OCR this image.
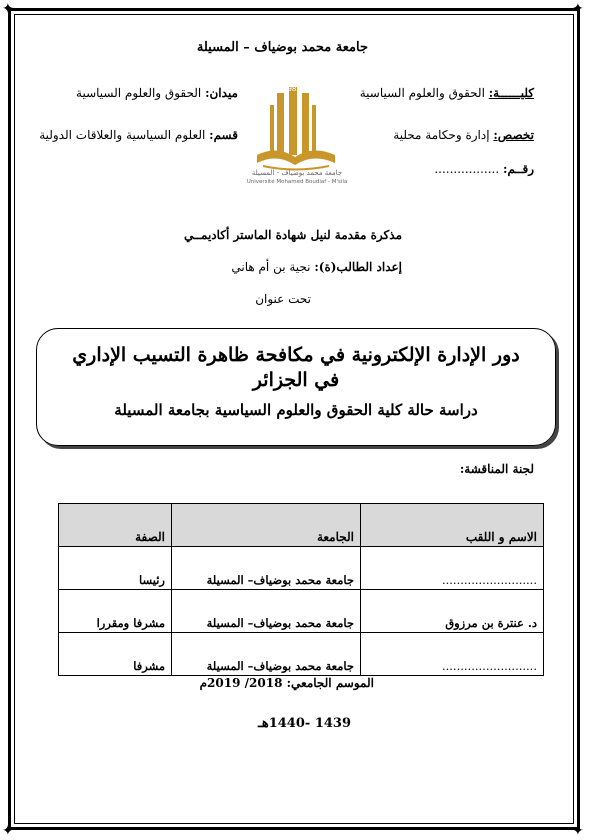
✦
✦
✦
✦
جامعة محمد بوضياف – المسيلة
كليــــــة: الحقوق والعلوم السياسية
ميدان: الحقوق والعلوم السياسية
تخصص: إدارة وحكامة محلية
قسم: العلوم السياسية والعلاقات الدولية
رقــم: .................
1985
جامعة محمد بوضياف - المسيلة
Université Mohamed Boudiaf - M'sila
مذكرة مقدمة لنيل شهادة الماستر أكاديمــي
إعداد الطالب(ة): نجية بن أم هاني
تحت عنوان
دور الإدارة الإلكترونية في مكافحة ظاهرة التسيب الإداري
في الجزائر
دراسة حالة كلية الحقوق والعلوم السياسية بجامعة المسيلة
لجنة المناقشة:
الاسم و اللقب	الجامعة	الصفة
..........................	جامعة محمد بوضياف– المسيلة	رئيسا
د. عنترة بن مرزوق	جامعة محمد بوضياف– المسيلة	مشرفا ومقررا
..........................	جامعة محمد بوضياف– المسيلة	مشرفا
الموسم الجامعي: 2018/ 2019م
1439 -1440هـ
